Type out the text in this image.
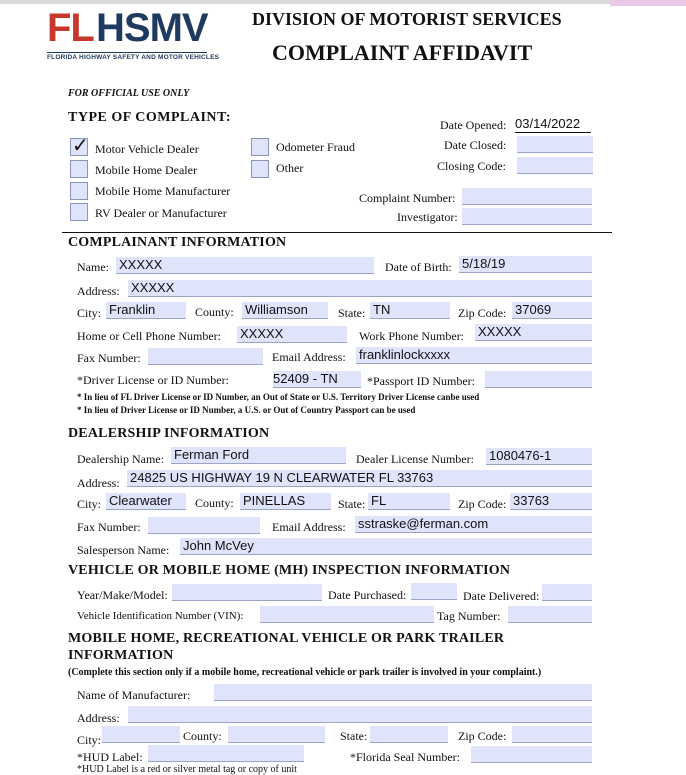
FL HSMV
FLORIDA HIGHWAY SAFETY AND MOTOR VEHICLES
DIVISION OF MOTORIST SERVICES
COMPLAINT AFFIDAVIT
FOR OFFICIAL USE ONLY
Date Opened: 03/14/2022
Date Closed:
Closing Code:
Complaint Number:
Investigator:
TYPE OF COMPLAINT:
✓ Motor Vehicle Dealer
Mobile Home Dealer
Mobile Home Manufacturer
RV Dealer or Manufacturer
Odometer Fraud
Other
COMPLAINANT INFORMATION
Name: XXXXX	Date of Birth: 5/18/19
Address: XXXXX
City: Franklin	County: Williamson	State: TN	Zip Code: 37069
Home or Cell Phone Number: XXXXX	Work Phone Number: XXXXX
Fax Number:	Email Address: franklinlockxxxx
*Driver License or ID Number:	52409 - TN	*Passport ID Number:
* In lieu of FL Driver License or ID Number, an Out of State or U.S. Territory Driver License canbe used
* In lieu of Driver License or ID Number, a U.S. or Out of Country Passport can be used
DEALERSHIP INFORMATION
Dealership Name: Ferman Ford	Dealer License Number: 1080476-1
Address: 24825 US HIGHWAY 19 N CLEARWATER FL 33763
City: Clearwater	County: PINELLAS	State: FL	Zip Code: 33763
Fax Number:	Email Address: sstraske@ferman.com
Salesperson Name: John McVey
VEHICLE OR MOBILE HOME (MH) INSPECTION INFORMATION
Year/Make/Model:	Date Purchased:	Date Delivered:
Vehicle Identification Number (VIN):	Tag Number:
MOBILE HOME, RECREATIONAL VEHICLE OR PARK TRAILER
INFORMATION
(Complete this section only if a mobile home, recreational vehicle or park trailer is involved in your complaint.)
Name of Manufacturer:
Address:
City:	County:	State:	Zip Code:
*HUD Label:	*Florida Seal Number:
*HUD Label is a red or silver metal tag or copy of unit
